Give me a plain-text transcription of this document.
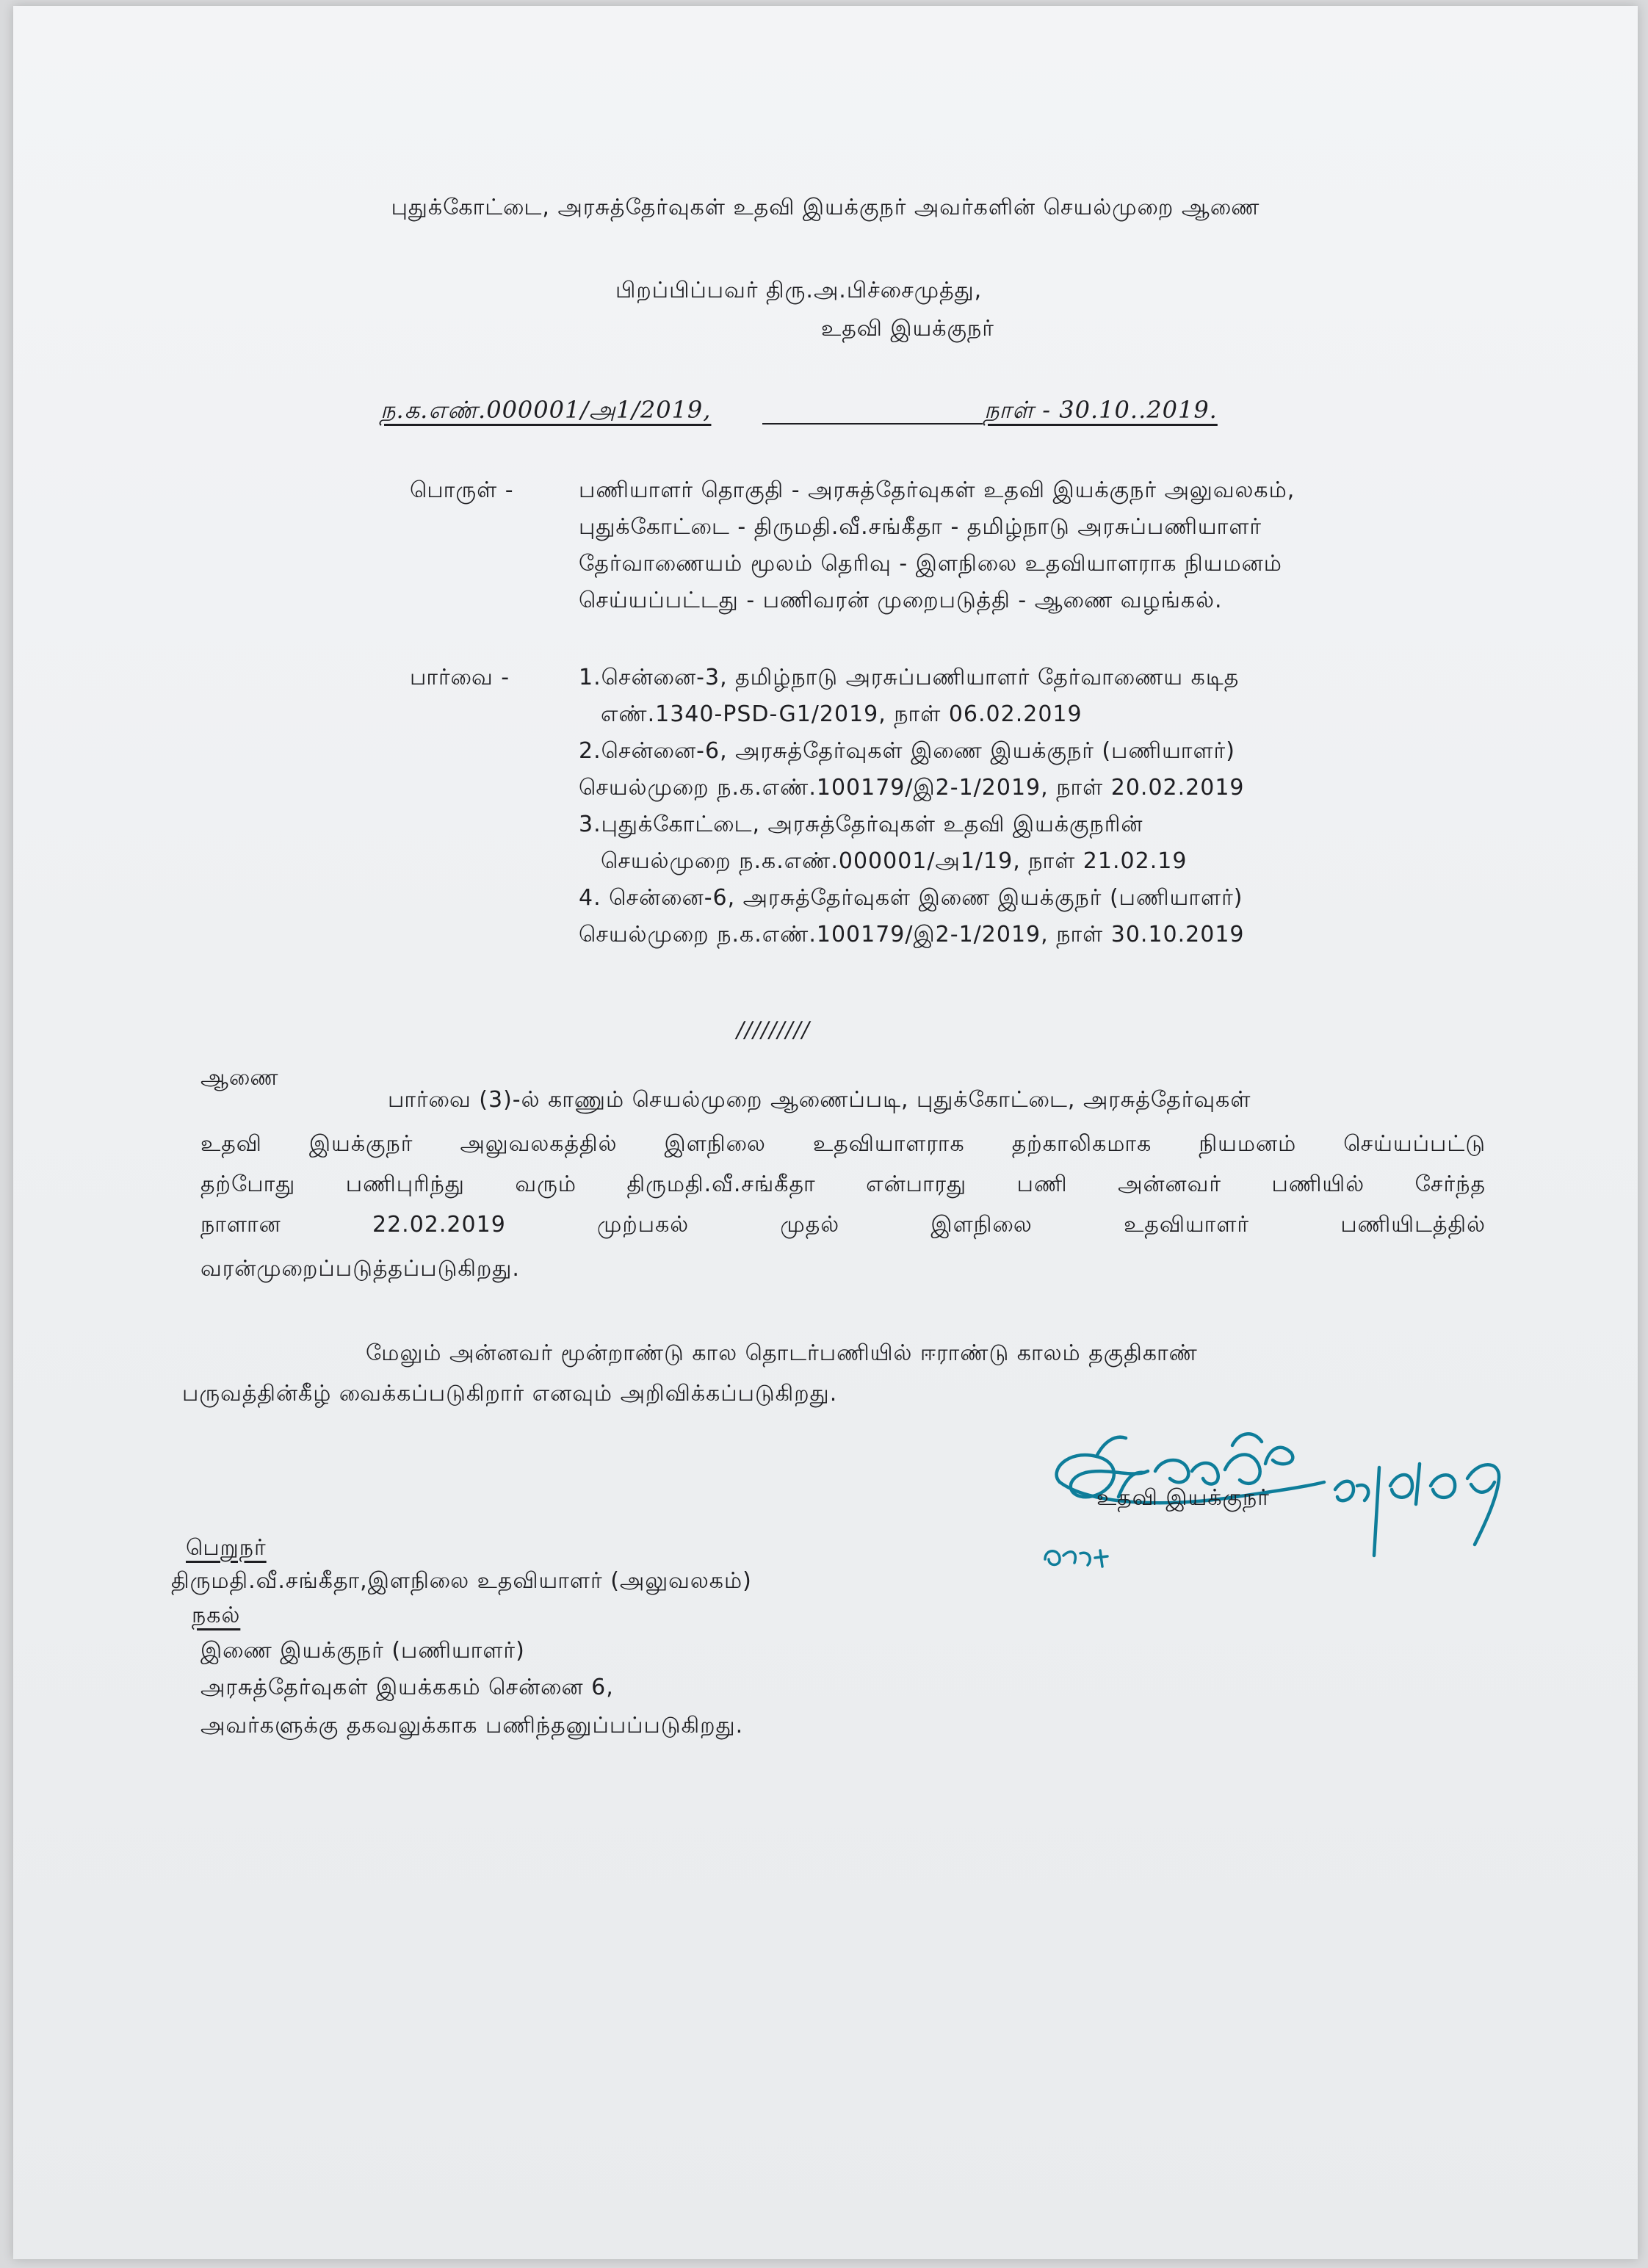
புதுக்கோட்டை, அரசுத்தேர்வுகள் உதவி இயக்குநர் அவர்களின் செயல்முறை ஆணை
பிறப்பிப்பவர் திரு.அ.பிச்சைமுத்து,
உதவி இயக்குநர்
ந.க.எண்.000001/அ1/2019,	நாள் - 30.10..2019.
பொருள் -	பணியாளர் தொகுதி - அரசுத்தேர்வுகள் உதவி இயக்குநர் அலுவலகம்,
புதுக்கோட்டை - திருமதி.வீ.சங்கீதா - தமிழ்நாடு அரசுப்பணியாளர்
தேர்வாணையம் மூலம் தெரிவு - இளநிலை உதவியாளராக நியமனம்
செய்யப்பட்டது - பணிவரன் முறைபடுத்தி - ஆணை வழங்கல்.
பார்வை -	1.சென்னை-3, தமிழ்நாடு அரசுப்பணியாளர் தேர்வாணைய கடித
எண்.1340-PSD-G1/2019, நாள் 06.02.2019
2.சென்னை-6, அரசுத்தேர்வுகள் இணை இயக்குநர் (பணியாளர்)
செயல்முறை ந.க.எண்.100179/இ2-1/2019, நாள் 20.02.2019
3.புதுக்கோட்டை, அரசுத்தேர்வுகள் உதவி இயக்குநரின்
செயல்முறை ந.க.எண்.000001/அ1/19, நாள் 21.02.19
4. சென்னை-6, அரசுத்தேர்வுகள் இணை இயக்குநர் (பணியாளர்)
செயல்முறை ந.க.எண்.100179/இ2-1/2019, நாள் 30.10.2019
/////////
ஆணை
பார்வை (3)-ல் காணும் செயல்முறை ஆணைப்படி, புதுக்கோட்டை, அரசுத்தேர்வுகள்
உதவி இயக்குநர் அலுவலகத்தில் இளநிலை உதவியாளராக தற்காலிகமாக நியமனம் செய்யப்பட்டு
தற்போது பணிபுரிந்து வரும் திருமதி.வீ.சங்கீதா என்பாரது பணி அன்னவர் பணியில் சேர்ந்த
நாளான 22.02.2019 முற்பகல் முதல் இளநிலை உதவியாளர் பணியிடத்தில்
வரன்முறைப்படுத்தப்படுகிறது.
மேலும் அன்னவர் மூன்றாண்டு கால தொடர்பணியில் ஈராண்டு காலம் தகுதிகாண்
பருவத்தின்கீழ் வைக்கப்படுகிறார் எனவும் அறிவிக்கப்படுகிறது.
உதவி இயக்குநர்
பெறுநர்
திருமதி.வீ.சங்கீதா,இளநிலை உதவியாளர் (அலுவலகம்)
நகல்
இணை இயக்குநர் (பணியாளர்)
அரசுத்தேர்வுகள் இயக்ககம் சென்னை 6,
அவர்களுக்கு தகவலுக்காக பணிந்தனுப்பப்படுகிறது.
